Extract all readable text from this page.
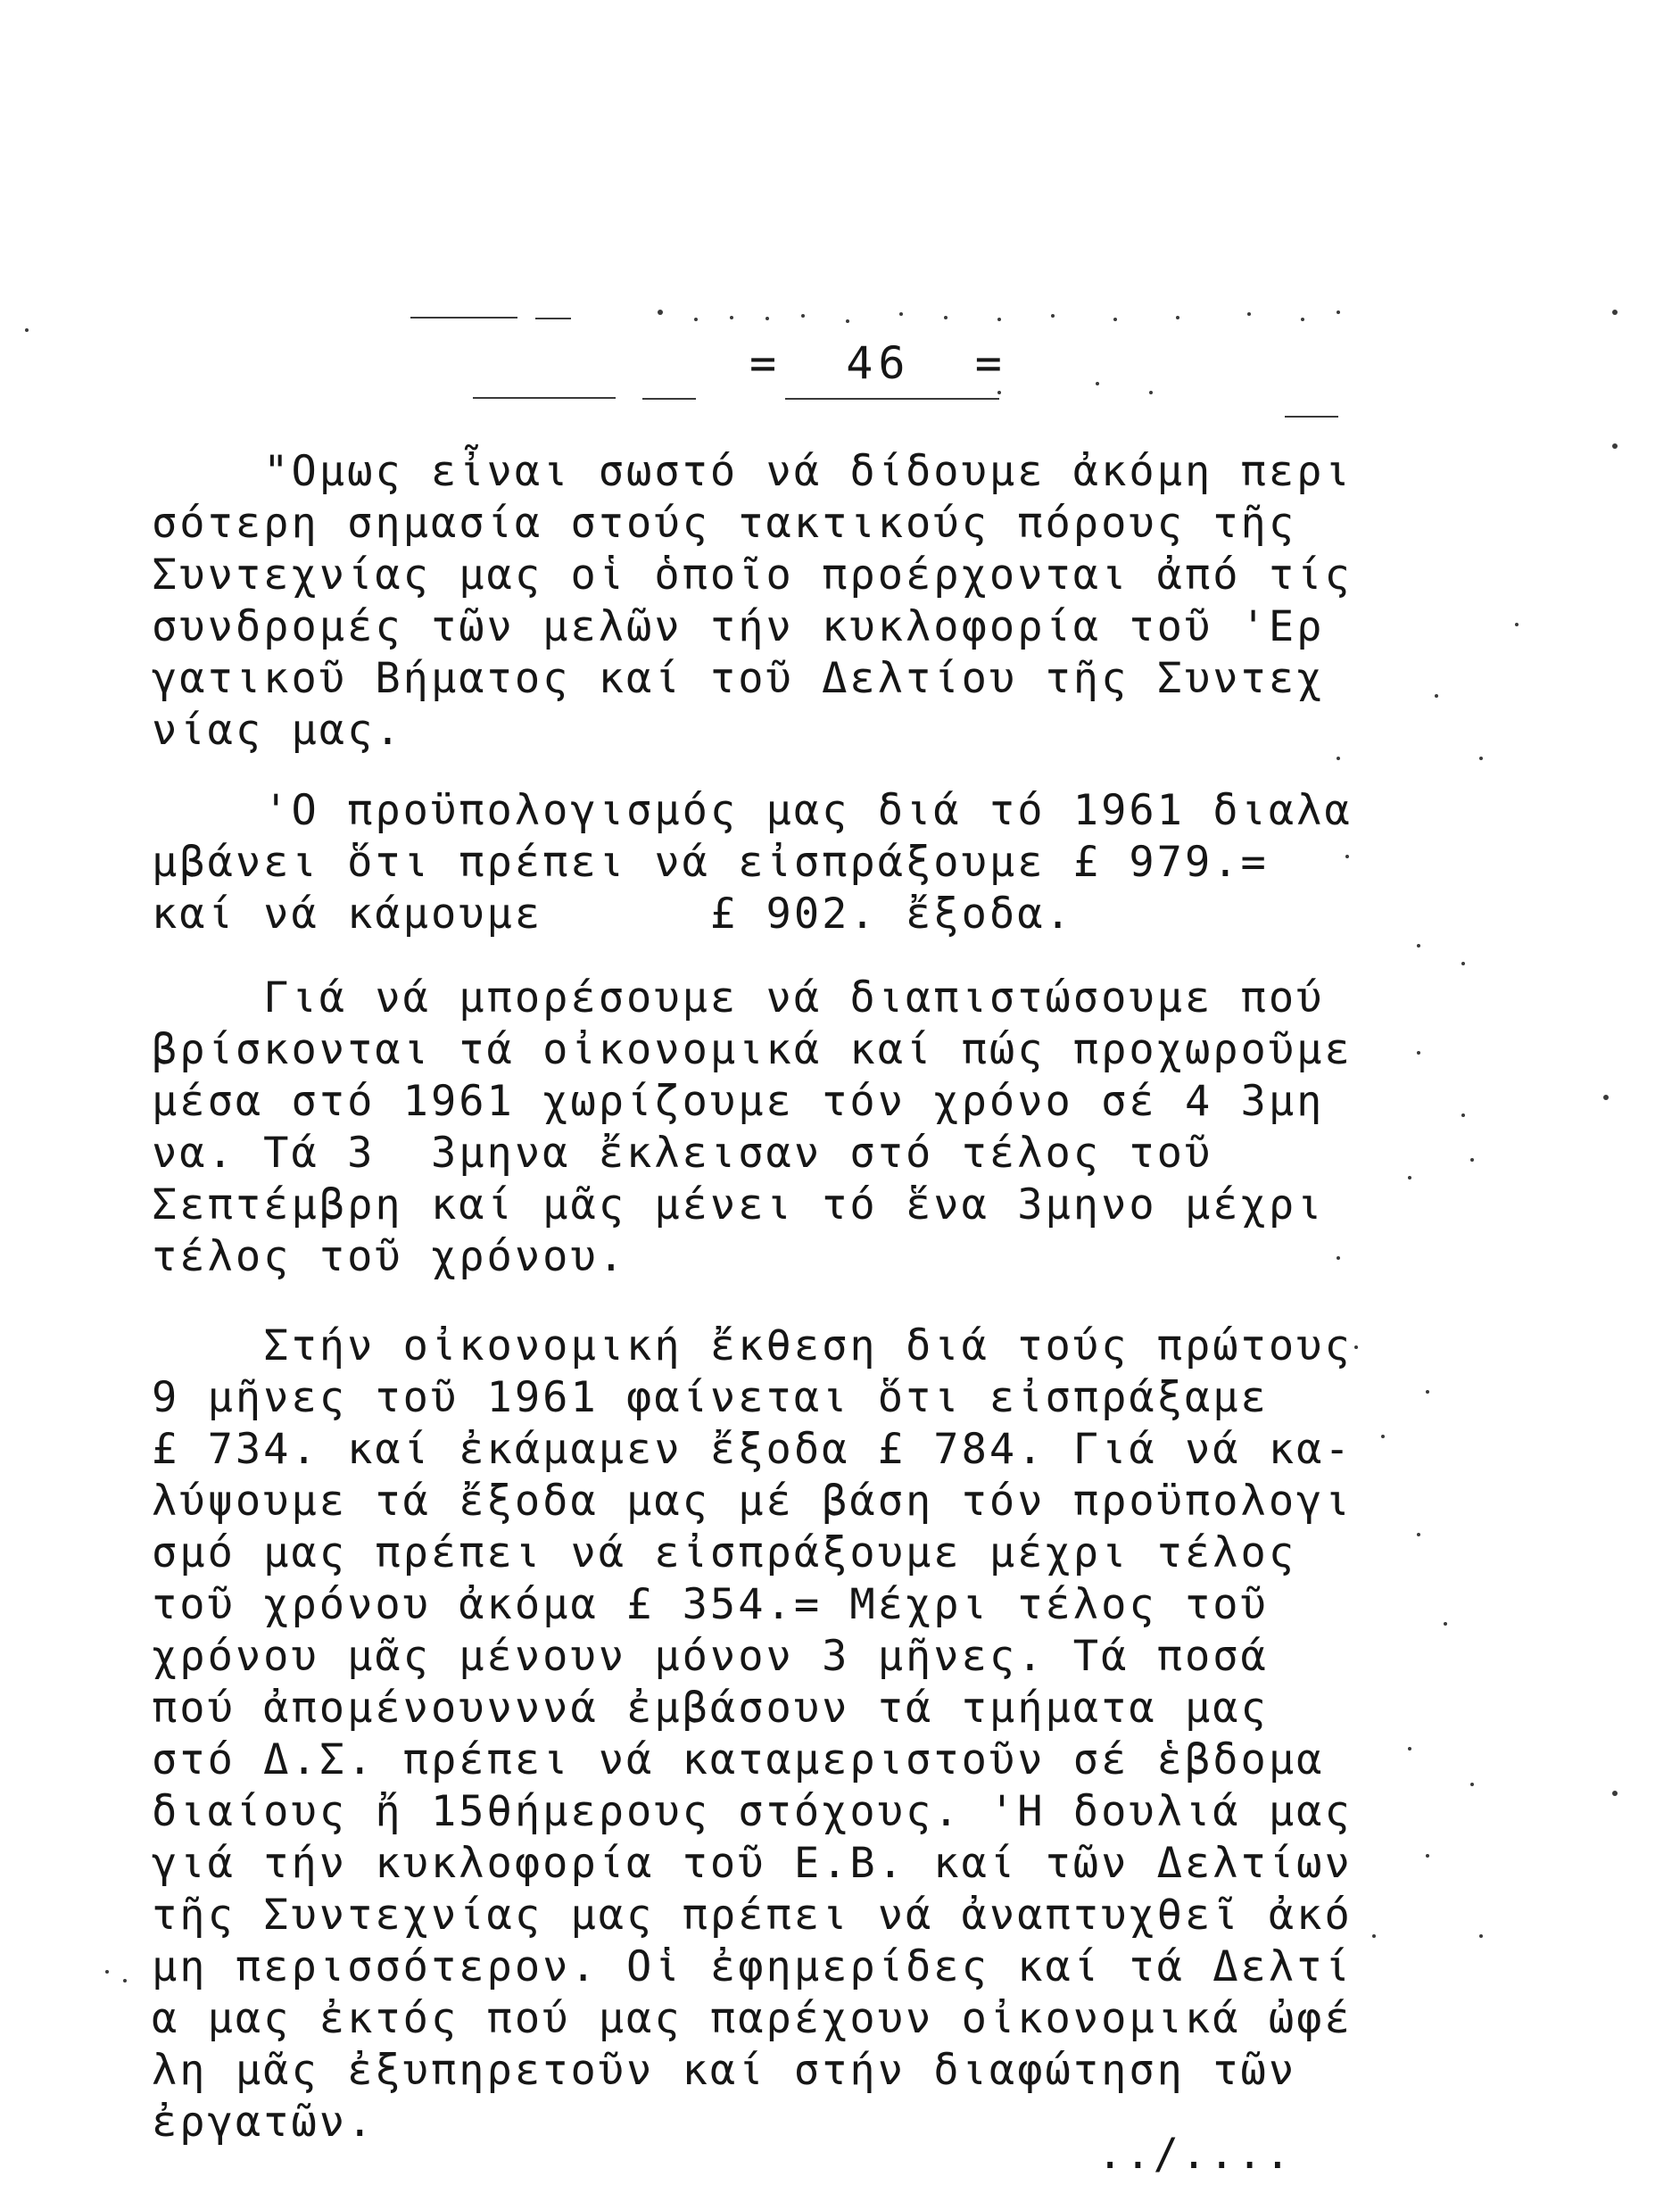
=  46  =
"Ομως εἶναι σωστό νά δίδουμε ἀκόμη περι
σότερη σημασία στούς τακτικούς πόρους τῆς
Συντεχνίας μας οἱ ὁποῖο προέρχονται ἀπό τίς
συνδρομές τῶν μελῶν τήν κυκλοφορία τοῦ 'Ερ
γατικοῦ Βήματος καί τοῦ Δελτίου τῆς Συντεχ
νίας μας.
'Ο προϋπολογισμός μας διά τό 1961 διαλα
μβάνει ὅτι πρέπει νά εἰσπράξουμε £ 979.=
καί νά κάμουμε      £ 902. ἔξοδα.
Γιά νά μπορέσουμε νά διαπιστώσουμε πού
βρίσκονται τά οἰκονομικά καί πώς προχωροῦμε
μέσα στό 1961 χωρίζουμε τόν χρόνο σέ 4 3μη
να. Τά 3  3μηνα ἔκλεισαν στό τέλος τοῦ
Σεπτέμβρη καί μᾶς μένει τό ἕνα 3μηνο μέχρι
τέλος τοῦ χρόνου.
Στήν οἰκονομική ἔκθεση διά τούς πρώτους
9 μῆνες τοῦ 1961 φαίνεται ὅτι εἰσπράξαμε
£ 734. καί ἐκάμαμεν ἔξοδα £ 784. Γιά νά κα-
λύψουμε τά ἔξοδα μας μέ βάση τόν προϋπολογι
σμό μας πρέπει νά εἰσπράξουμε μέχρι τέλος
τοῦ χρόνου ἀκόμα £ 354.= Μέχρι τέλος τοῦ
χρόνου μᾶς μένουν μόνον 3 μῆνες. Τά ποσά
πού ἀπομένουνννά ἐμβάσουν τά τμήματα μας
στό Δ.Σ. πρέπει νά καταμεριστοῦν σέ ἑβδομα
διαίους ἤ 15θήμερους στόχους. 'Η δουλιά μας
γιά τήν κυκλοφορία τοῦ Ε.Β. καί τῶν Δελτίων
τῆς Συντεχνίας μας πρέπει νά ἀναπτυχθεῖ ἀκό
μη περισσότερον. Οἱ ἐφημερίδες καί τά Δελτί
α μας ἐκτός πού μας παρέχουν οἰκονομικά ὠφέ
λη μᾶς ἐξυπηρετοῦν καί στήν διαφώτηση τῶν
ἐργατῶν.
../....
